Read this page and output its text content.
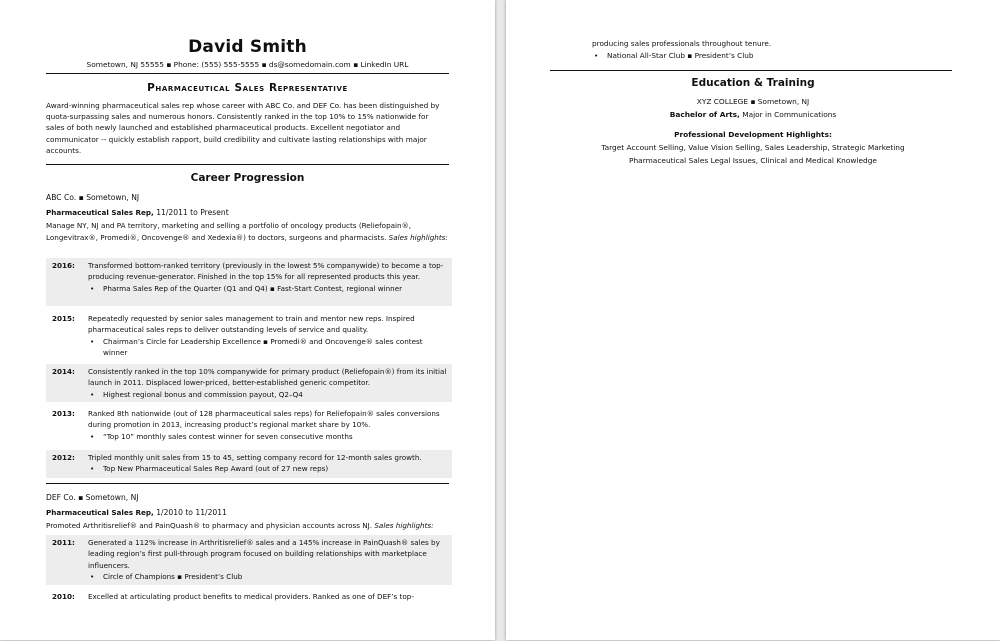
David Smith
Sometown, NJ 55555 ▪ Phone: (555) 555-5555 ▪ ds@somedomain.com ▪ LinkedIn URL
Pharmaceutical Sales Representative
Award-winning pharmaceutical sales rep whose career with ABC Co. and DEF Co. has been distinguished by quota-surpassing sales and numerous honors. Consistently ranked in the top 10% to 15% nationwide for sales of both newly launched and established pharmaceutical products. Excellent negotiator and communicator -- quickly establish rapport, build credibility and cultivate lasting relationships with major accounts.
Career Progression
ABC Co. ▪ Sometown, NJ
Pharmaceutical Sales Rep, 11/2011 to Present
Manage NY, NJ and PA territory, marketing and selling a portfolio of oncology products (Reliefopain®, Longevitrax®, Promedi®, Oncovenge® and Xedexia®) to doctors, surgeons and pharmacists. Sales highlights:
2016: Transformed bottom-ranked territory (previously in the lowest 5% companywide) to become a top-producing revenue-generator. Finished in the top 15% for all represented products this year.
• Pharma Sales Rep of the Quarter (Q1 and Q4) ▪ Fast-Start Contest, regional winner
2015: Repeatedly requested by senior sales management to train and mentor new reps. Inspired pharmaceutical sales reps to deliver outstanding levels of service and quality.
• Chairman’s Circle for Leadership Excellence ▪ Promedi® and Oncovenge® sales contest winner
2014: Consistently ranked in the top 10% companywide for primary product (Reliefopain®) from its initial launch in 2011. Displaced lower-priced, better-established generic competitor.
• Highest regional bonus and commission payout, Q2–Q4
2013: Ranked 8th nationwide (out of 128 pharmaceutical sales reps) for Reliefopain® sales conversions during promotion in 2013, increasing product’s regional market share by 10%.
• “Top 10” monthly sales contest winner for seven consecutive months
2012: Tripled monthly unit sales from 15 to 45, setting company record for 12-month sales growth.
• Top New Pharmaceutical Sales Rep Award (out of 27 new reps)
DEF Co. ▪ Sometown, NJ
Pharmaceutical Sales Rep, 1/2010 to 11/2011
Promoted Arthritisrelief® and PainQuash® to pharmacy and physician accounts across NJ. Sales highlights:
2011: Generated a 112% increase in Arthritisrelief® sales and a 145% increase in PainQuash® sales by leading region’s first pull-through program focused on building relationships with marketplace influencers.
• Circle of Champions ▪ President’s Club
2010: Excelled at articulating product benefits to medical providers. Ranked as one of DEF’s top-
producing sales professionals throughout tenure.
• National All-Star Club ▪ President’s Club
Education & Training
XYZ COLLEGE ▪ Sometown, NJ
Bachelor of Arts, Major in Communications
Professional Development Highlights:
Target Account Selling, Value Vision Selling, Sales Leadership, Strategic Marketing
Pharmaceutical Sales Legal Issues, Clinical and Medical Knowledge
